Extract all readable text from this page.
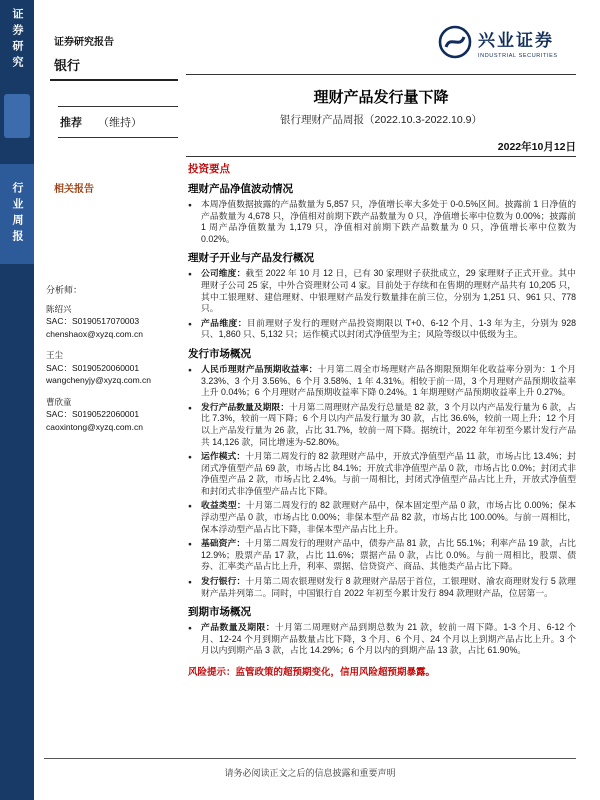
证券研究
行业周报
证券研究报告
银行
推荐 （维持）
相关报告
分析师：
陈绍兴
SAC：S0190517070003
chenshaox@xyzq.com.cn
王尘
SAC：S0190520060001
wangchenyjy@xyzq.com.cn
曹欣童
SAC：S0190522060001
caoxintong@xyzq.com.cn
兴业证券
INDUSTRIAL SECURITIES
理财产品发行量下降
银行理财产品周报（2022.10.3-2022.10.9）
2022年10月12日
投资要点
理财产品净值波动情况
●	本周净值数据披露的产品数量为 5,857 只，净值增长率大多处于 0-0.5%区间。披露前 1 日净值的产品数量为 4,678 只，净值相对前期下跌产品数量为 0 只，净值增长率中位数为 0.00%；披露前 1 周产品净值数量为 1,179 只，净值相对前期下跌产品数量为 0 只，净值增长率中位数为 0.02%。

理财子开业与产品发行概况
●	公司维度：截至 2022 年 10 月 12 日，已有 30 家理财子获批成立，29 家理财子正式开业。其中理财子公司 25 家，中外合资理财公司 4 家。目前处于存续和在售期的理财产品共有 10,205 只，其中工银理财、建信理财、中银理财产品发行数量排在前三位，分别为 1,251 只、961 只、778 只。

●	产品维度：目前理财子发行的理财产品投资期限以 T+0、6-12 个月、1-3 年为主，分别为 928 只、1,860 只、5,132 只；运作模式以封闭式净值型为主；风险等级以中低级为主。

发行市场概况
●	人民币理财产品预期收益率：十月第二周全市场理财产品各期限预期年化收益率分别为：1 个月 3.23%、3 个月 3.56%、6 个月 3.58%、1 年 4.31%。相较于前一周，3 个月理财产品预期收益率上升 0.04%；6 个月理财产品预期收益率下降 0.24%。1 年期理财产品预期收益率上升 0.27%。

●	发行产品数量及期限：十月第二周理财产品发行总量是 82 款，3 个月以内产品发行量为 6 款，占比 7.3%，较前一周下降；6 个月以内产品发行量为 30 款，占比 36.6%，较前一周上升；12 个月以上产品发行量为 26 款，占比 31.7%，较前一周下降。据统计，2022 年年初至今累计发行产品共 14,126 款，同比增速为-52.80%。

●	运作模式：十月第二周发行的 82 款理财产品中，开放式净值型产品 11 款，市场占比 13.4%；封闭式净值型产品 69 款，市场占比 84.1%；开放式非净值型产品 0 款，市场占比 0.0%；封闭式非净值型产品 2 款，市场占比 2.4%。与前一周相比，封闭式净值型产品占比上升，开放式净值型和封闭式非净值型产品占比下降。

●	收益类型：十月第二周发行的 82 款理财产品中，保本固定型产品 0 款，市场占比 0.00%；保本浮动型产品 0 款，市场占比 0.00%；非保本型产品 82 款，市场占比 100.00%。与前一周相比，保本浮动型产品占比下降，非保本型产品占比上升。

●	基础资产：十月第二周发行的理财产品中，债券产品 81 款，占比 55.1%；利率产品 19 款，占比 12.9%；股票产品 17 款，占比 11.6%；票据产品 0 款，占比 0.0%。与前一周相比，股票、债券、汇率类产品占比上升，利率、票据、信贷资产、商品、其他类产品占比下降。

●	发行银行：十月第二周农银理财发行 8 款理财产品居于首位，工银理财、渝农商理财发行 5 款理财产品并列第二。同时，中国银行自 2022 年初至今累计发行 894 款理财产品，位居第一。

到期市场概况
●	产品数量及期限：十月第二周理财产品到期总数为 21 款，较前一周下降。1-3 个月、6-12 个月、12-24 个月到期产品数量占比下降，3 个月、6 个月、24 个月以上到期产品占比上升。3 个月以内到期产品 3 款，占比 14.29%；6 个月以内的到期产品 13 款，占比 61.90%。

风险提示：监管政策的超预期变化，信用风险超预期暴露。
请务必阅读正文之后的信息披露和重要声明
